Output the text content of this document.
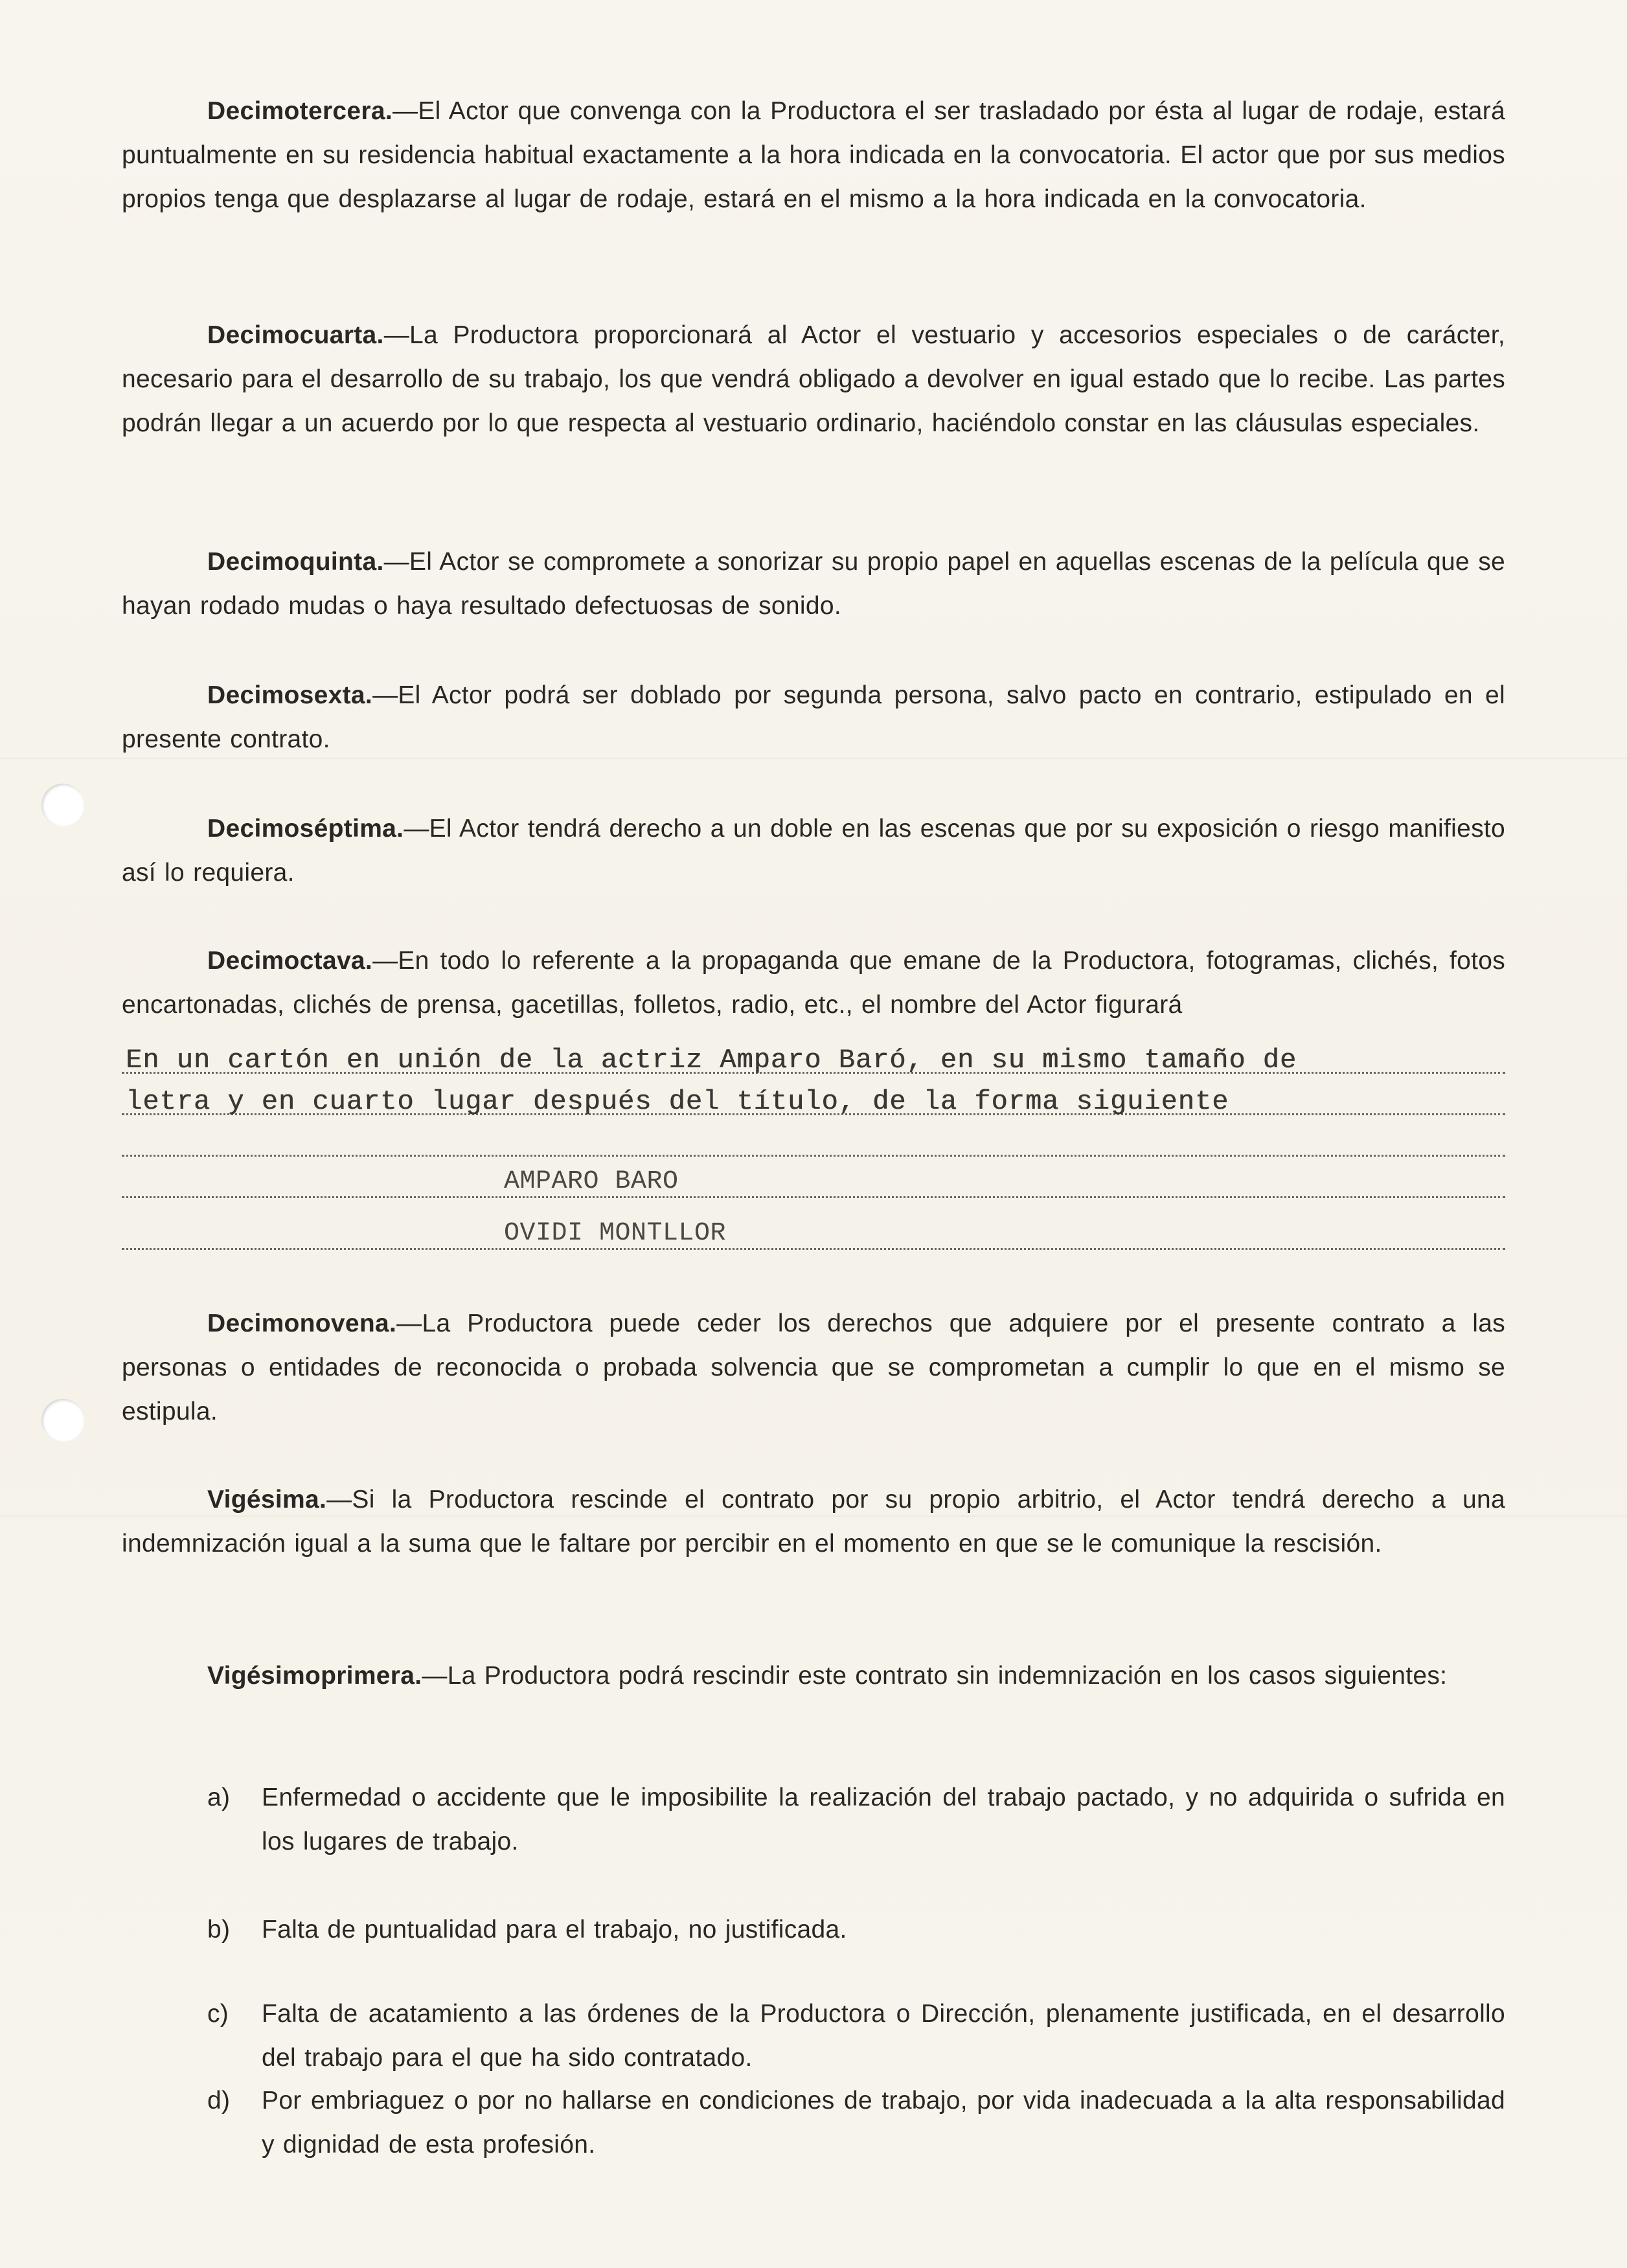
Decimotercera.—El Actor que convenga con la Productora el ser trasladado por ésta al lugar de rodaje, estará puntualmente en su residencia habitual exactamente a la hora indicada en la convocatoria. El actor que por sus medios propios tenga que desplazarse al lugar de rodaje, estará en el mismo a la hora indicada en la convocatoria.
Decimocuarta.—La Productora proporcionará al Actor el vestuario y accesorios especiales o de carácter, necesario para el desarrollo de su trabajo, los que vendrá obligado a devolver en igual estado que lo recibe. Las partes podrán llegar a un acuerdo por lo que respecta al vestuario ordinario, haciéndolo constar en las cláusulas especiales.
Decimoquinta.—El Actor se compromete a sonorizar su propio papel en aquellas escenas de la película que se hayan rodado mudas o haya resultado defectuosas de sonido.
Decimosexta.—El Actor podrá ser doblado por segunda persona, salvo pacto en contrario, estipulado en el presente contrato.
Decimoséptima.—El Actor tendrá derecho a un doble en las escenas que por su exposición o riesgo manifiesto así lo requiera.
Decimoctava.—En todo lo referente a la propaganda que emane de la Productora, fotogramas, clichés, fotos encartonadas, clichés de prensa, gacetillas, folletos, radio, etc., el nombre del Actor figurará
En un cartón en unión de la actriz Amparo Baró, en su mismo tamaño de
letra y en cuarto lugar después del título, de la forma siguiente
AMPARO BARO
OVIDI MONTLLOR
Decimonovena.—La Productora puede ceder los derechos que adquiere por el presente contrato a las personas o entidades de reconocida o probada solvencia que se comprometan a cumplir lo que en el mismo se estipula.
Vigésima.—Si la Productora rescinde el contrato por su propio arbitrio, el Actor tendrá derecho a una indemnización igual a la suma que le faltare por percibir en el momento en que se le comunique la rescisión.
Vigésimoprimera.—La Productora podrá rescindir este contrato sin indemnización en los casos siguientes:
a) Enfermedad o accidente que le imposibilite la realización del trabajo pactado, y no adquirida o sufrida en los lugares de trabajo.
b) Falta de puntualidad para el trabajo, no justificada.
c) Falta de acatamiento a las órdenes de la Productora o Dirección, plenamente justificada, en el desarrollo del trabajo para el que ha sido contratado.
d) Por embriaguez o por no hallarse en condiciones de trabajo, por vida inadecuada a la alta responsabilidad y dignidad de esta profesión.
